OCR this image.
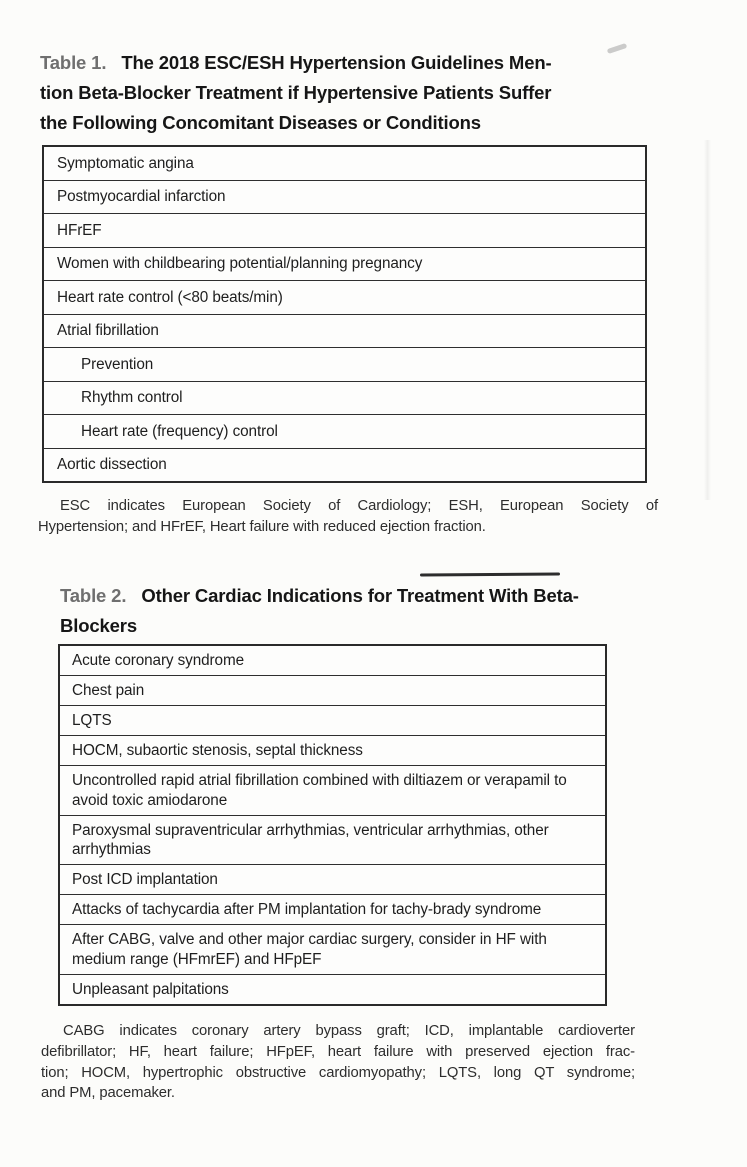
Table 1. The 2018 ESC/ESH Hypertension Guidelines Men-
tion Beta-Blocker Treatment if Hypertensive Patients Suffer
the Following Concomitant Diseases or Conditions
Symptomatic angina
Postmyocardial infarction
HFrEF
Women with childbearing potential/planning pregnancy
Heart rate control (<80 beats/min)
Atrial fibrillation
Prevention
Rhythm control
Heart rate (frequency) control
Aortic dissection
ESC indicates European Society of Cardiology; ESH, European Society of
Hypertension; and HFrEF, Heart failure with reduced ejection fraction.
Table 2. Other Cardiac Indications for Treatment With Beta-
Blockers
Acute coronary syndrome
Chest pain
LQTS
HOCM, subaortic stenosis, septal thickness
Uncontrolled rapid atrial fibrillation combined with diltiazem or verapamil to avoid toxic amiodarone
Paroxysmal supraventricular arrhythmias, ventricular arrhythmias, other arrhythmias
Post ICD implantation
Attacks of tachycardia after PM implantation for tachy-brady syndrome
After CABG, valve and other major cardiac surgery, consider in HF with medium range (HFmrEF) and HFpEF
Unpleasant palpitations
CABG indicates coronary artery bypass graft; ICD, implantable cardioverter
defibrillator; HF, heart failure; HFpEF, heart failure with preserved ejection frac-
tion; HOCM, hypertrophic obstructive cardiomyopathy; LQTS, long QT syndrome;
and PM, pacemaker.
